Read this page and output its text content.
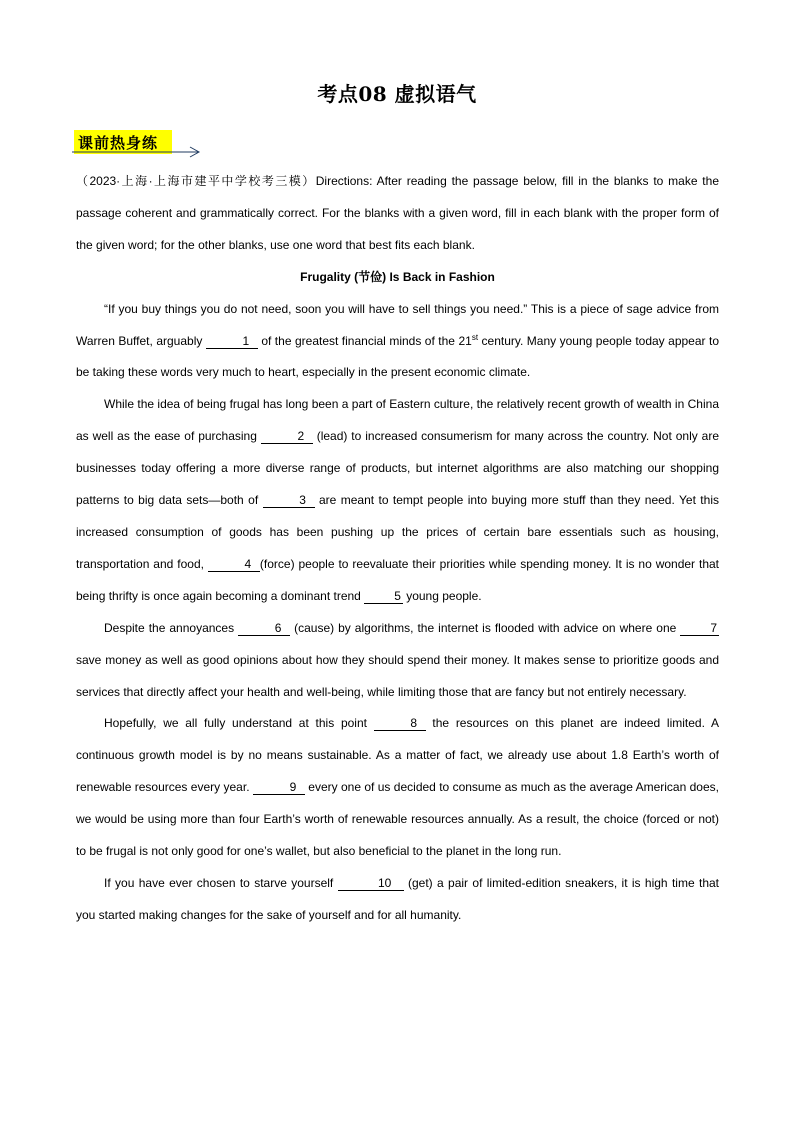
考点08 虚拟语气
课前热身练

（2023·上海·上海市建平中学校考三模）Directions: After reading the passage below, fill in the blanks to make the passage coherent and grammatically correct. For the blanks with a given word, fill in each blank with the proper form of the given word; for the other blanks, use one word that best fits each blank.

Frugality (节俭) Is Back in Fashion

“If you buy things you do not need, soon you will have to sell things you need.” This is a piece of sage advice from Warren Buffet, arguably	1 of the greatest financial minds of the 21st century. Many young people today appear to be taking these words very much to heart, especially in the present economic climate.

While the idea of being frugal has long been a part of Eastern culture, the relatively recent growth of wealth in China as well as the ease of purchasing	2 (lead) to increased consumerism for many across the country. Not only are businesses today offering a more diverse range of products, but internet algorithms are also matching our shopping patterns to big data sets—both of	3 are meant to tempt people into buying more stuff than they need. Yet this increased consumption of goods has been pushing up the prices of certain bare essentials such as housing, transportation and food,	4 (force) people to reevaluate their priorities while spending money. It is no wonder that being thrifty is once again becoming a dominant trend	5 young people.

Despite the annoyances	6 (cause) by algorithms, the internet is flooded with advice on where one	7 save money as well as good opinions about how they should spend their money. It makes sense to prioritize goods and services that directly affect your health and well-being, while limiting those that are fancy but not entirely necessary.

Hopefully, we all fully understand at this point	8 the resources on this planet are indeed limited. A continuous growth model is by no means sustainable. As a matter of fact, we already use about 1.8 Earth’s worth of renewable resources every year.	9 every one of us decided to consume as much as the average American does, we would be using more than four Earth’s worth of renewable resources annually. As a result, the choice (forced or not) to be frugal is not only good for one’s wallet, but also beneficial to the planet in the long run.

If you have ever chosen to starve yourself	10 (get) a pair of limited-edition sneakers, it is high time that you started making changes for the sake of yourself and for all humanity.
